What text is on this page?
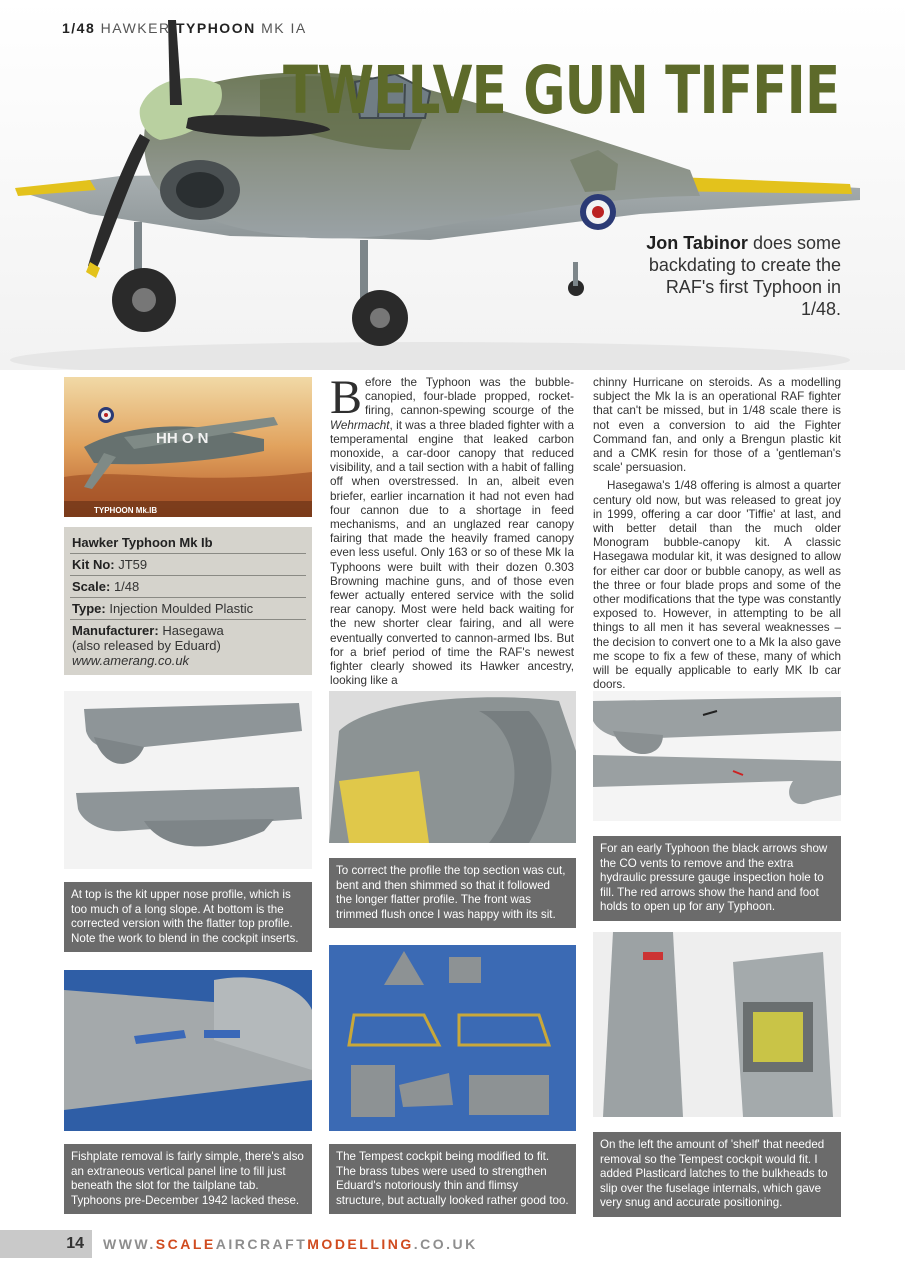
1/48 HAWKER TYPHOON MK IA
TWELVE GUN TIFFIE
Jon Tabinor does some backdating to create the RAF's first Typhoon in 1/48.
HH O N
TYPHOON Mk.IB
Hawker Typhoon Mk Ib
Kit No: JT59
Scale: 1/48
Type: Injection Moulded Plastic
Manufacturer: Hasegawa
(also released by Eduard)
www.amerang.co.uk

Before the Typhoon was the bubble-canopied, four-blade propped, rocket-firing, cannon-spewing scourge of the Wehrmacht, it was a three bladed fighter with a temperamental engine that leaked carbon monoxide, a car-door canopy that reduced visibility, and a tail section with a habit of falling off when overstressed. In an, albeit even briefer, earlier incarnation it had not even had four cannon due to a shortage in feed mechanisms, and an unglazed rear canopy fairing that made the heavily framed canopy even less useful. Only 163 or so of these Mk Ia Typhoons were built with their dozen 0.303 Browning machine guns, and of those even fewer actually entered service with the solid rear canopy. Most were held back waiting for the new shorter clear fairing, and all were eventually converted to cannon-armed Ibs. But for a brief period of time the RAF's newest fighter clearly showed its Hawker ancestry, looking like a

chinny Hurricane on steroids. As a modelling subject the Mk Ia is an operational RAF fighter that can't be missed, but in 1/48 scale there is not even a conversion to aid the Fighter Command fan, and only a Brengun plastic kit and a CMK resin for those of a 'gentleman's scale' persuasion.

Hasegawa's 1/48 offering is almost a quarter century old now, but was released to great joy in 1999, offering a car door 'Tiffie' at last, and with better detail than the much older Monogram bubble-canopy kit. A classic Hasegawa modular kit, it was designed to allow for either car door or bubble canopy, as well as the three or four blade props and some of the other modifications that the type was constantly exposed to. However, in attempting to be all things to all men it has several weaknesses – the decision to convert one to a Mk Ia also gave me scope to fix a few of these, many of which will be equally applicable to early MK Ib car doors.

At top is the kit upper nose profile, which is too much of a long slope. At bottom is the corrected version with the flatter top profile. Note the work to blend in the cockpit inserts.
To correct the profile the top section was cut, bent and then shimmed so that it followed the longer flatter profile. The front was trimmed flush once I was happy with its sit.
For an early Typhoon the black arrows show the CO vents to remove and the extra hydraulic pressure gauge inspection hole to fill. The red arrows show the hand and foot holds to open up for any Typhoon.
Fishplate removal is fairly simple, there's also an extraneous vertical panel line to fill just beneath the slot for the tailplane tab. Typhoons pre-December 1942 lacked these.
The Tempest cockpit being modified to fit. The brass tubes were used to strengthen Eduard's notoriously thin and flimsy structure, but actually looked rather good too.
On the left the amount of 'shelf' that needed removal so the Tempest cockpit would fit. I added Plasticard latches to the bulkheads to slip over the fuselage internals, which gave very snug and accurate positioning.
14 WWW.SCALEAIRCRAFTMODELLING.CO.UK
